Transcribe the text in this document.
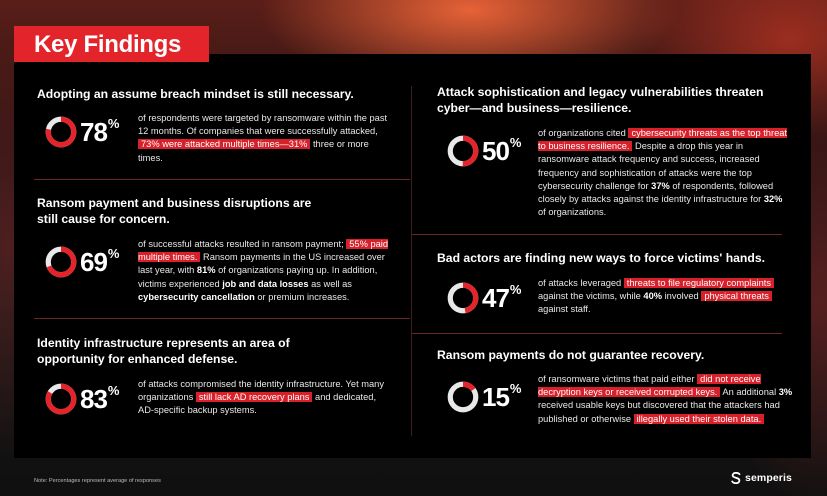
Key Findings
Adopting an assume breach mindset is still necessary.
78% of respondents were targeted by ransomware within the past 12 months. Of companies that were successfully attacked, 73% were attacked multiple times—31% three or more times.
Ransom payment and business disruptions are still cause for concern.
69%
of successful attacks resulted in ransom payment; 55% paid multiple times. Ransom payments in the US increased over last year, with 81% of organizations paying up. In addition, victims experienced job and data losses as well as cybersecurity cancellation or premium increases.
Identity infrastructure represents an area of opportunity for enhanced defense.
83% of attacks compromised the identity infrastructure. Yet many organizations still lack AD recovery plans and dedicated, AD-specific backup systems.
Attack sophistication and legacy vulnerabilities threaten cyber—and business—resilience.
50%
of organizations cited cybersecurity threats as the top threat to business resilience. Despite a drop this year in ransomware attack frequency and success, increased frequency and sophistication of attacks were the top cybersecurity challenge for 37% of respondents, followed closely by attacks against the identity infrastructure for 32% of organizations.
Bad actors are finding new ways to force victims' hands.
47% of attacks leveraged threats to file regulatory complaints against the victims, while 40% involved physical threats against staff.
Ransom payments do not guarantee recovery.
15%
of ransomware victims that paid either did not receive decryption keys or received corrupted keys. An additional 3% received usable keys but discovered that the attackers had published or otherwise illegally used their stolen data.
Note: Percentages represent average of responses	semperis
